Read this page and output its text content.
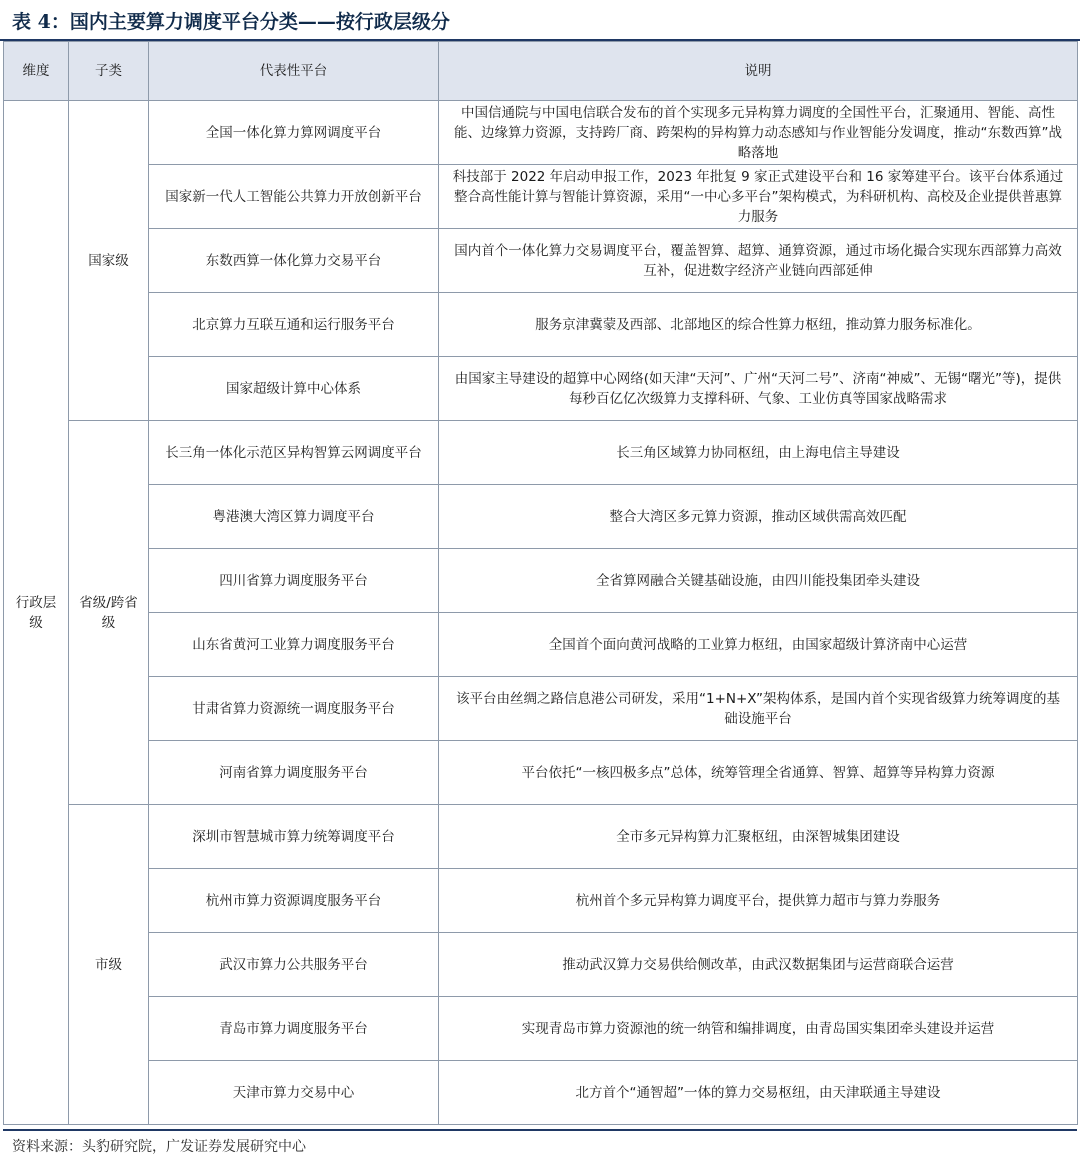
表 4：国内主要算力调度平台分类——按行政层级分
维度	子类	代表性平台	说明
行政层级	国家级	全国一体化算力算网调度平台	中国信通院与中国电信联合发布的首个实现多元异构算力调度的全国性平台，汇聚通用、智能、高性能、边缘算力资源，支持跨厂商、跨架构的异构算力动态感知与作业智能分发调度，推动“东数西算”战略落地
		国家新一代人工智能公共算力开放创新平台	科技部于 2022 年启动申报工作，2023 年批复 9 家正式建设平台和 16 家筹建平台。该平台体系通过整合高性能计算与智能计算资源，采用“一中心多平台”架构模式，为科研机构、高校及企业提供普惠算力服务
		东数西算一体化算力交易平台	国内首个一体化算力交易调度平台，覆盖智算、超算、通算资源，通过市场化撮合实现东西部算力高效互补，促进数字经济产业链向西部延伸
		北京算力互联互通和运行服务平台	服务京津冀蒙及西部、北部地区的综合性算力枢纽，推动算力服务标准化。
		国家超级计算中心体系	由国家主导建设的超算中心网络(如天津“天河”、广州“天河二号”、济南“神威”、无锡“曙光”等)，提供每秒百亿亿次级算力支撑科研、气象、工业仿真等国家战略需求
	省级/跨省级	长三角一体化示范区异构智算云网调度平台	长三角区域算力协同枢纽，由上海电信主导建设
		粤港澳大湾区算力调度平台	整合大湾区多元算力资源，推动区域供需高效匹配
		四川省算力调度服务平台	全省算网融合关键基础设施，由四川能投集团牵头建设
		山东省黄河工业算力调度服务平台	全国首个面向黄河战略的工业算力枢纽，由国家超级计算济南中心运营
		甘肃省算力资源统一调度服务平台	该平台由丝绸之路信息港公司研发，采用“1+N+X”架构体系，是国内首个实现省级算力统筹调度的基础设施平台
		河南省算力调度服务平台	平台依托“一核四极多点”总体，统筹管理全省通算、智算、超算等异构算力资源
	市级	深圳市智慧城市算力统筹调度平台	全市多元异构算力汇聚枢纽，由深智城集团建设
		杭州市算力资源调度服务平台	杭州首个多元异构算力调度平台，提供算力超市与算力券服务
		武汉市算力公共服务平台	推动武汉算力交易供给侧改革，由武汉数据集团与运营商联合运营
		青岛市算力调度服务平台	实现青岛市算力资源池的统一纳管和编排调度，由青岛国实集团牵头建设并运营
		天津市算力交易中心	北方首个“通智超”一体的算力交易枢纽，由天津联通主导建设
资料来源：头豹研究院，广发证券发展研究中心
